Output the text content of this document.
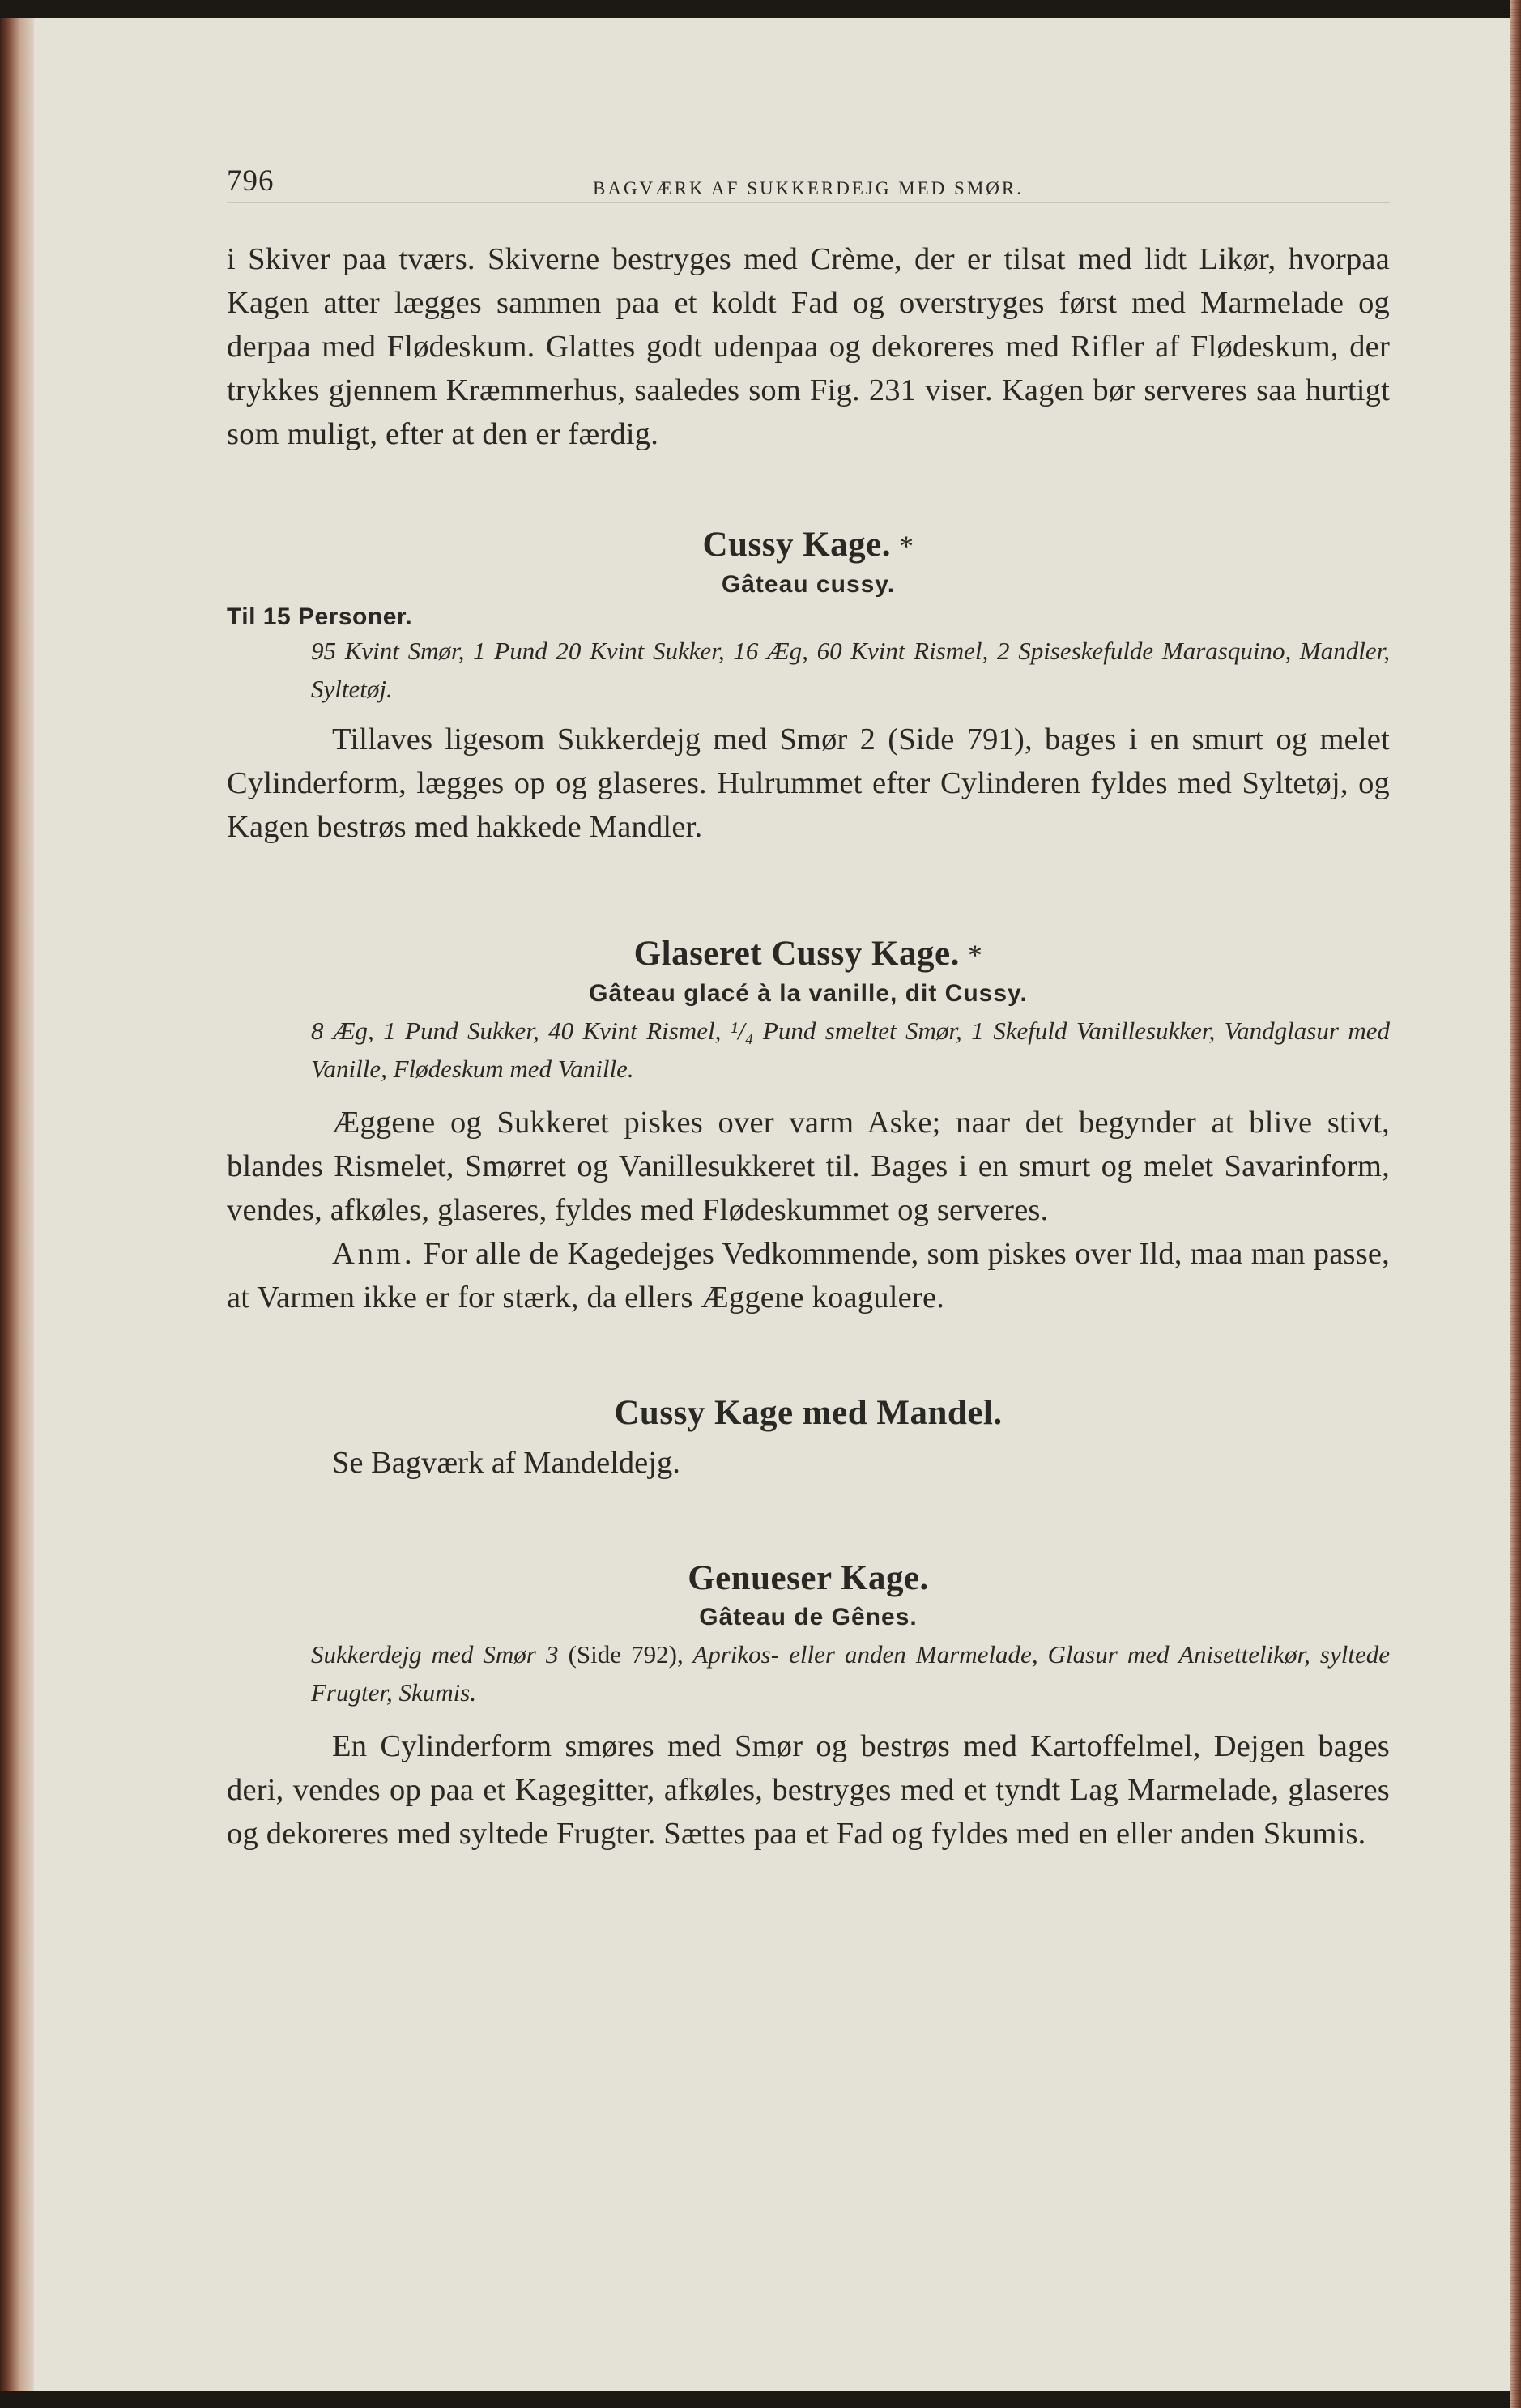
796	BAGVÆRK AF SUKKERDEJG MED SMØR.

i Skiver paa tværs. Skiverne bestryges med Crème, der er tilsat med lidt Likør, hvorpaa Kagen atter lægges sammen paa et koldt Fad og overstryges først med Marmelade og derpaa med Flødeskum. Glattes godt udenpaa og dekoreres med Rifler af Flødeskum, der trykkes gjennem Kræmmerhus, saaledes som Fig. 231 viser. Kagen bør serveres saa hurtigt som muligt, efter at den er færdig.

Cussy Kage. *
Gâteau cussy.
Til 15 Personer.

95 Kvint Smør, 1 Pund 20 Kvint Sukker, 16 Æg, 60 Kvint Rismel, 2 Spiseskefulde Marasquino, Mandler, Syltetøj.

Tillaves ligesom Sukkerdejg med Smør 2 (Side 791), bages i en smurt og melet Cylinderform, lægges op og glaseres. Hulrummet efter Cylinderen fyldes med Syltetøj, og Kagen bestrøs med hakkede Mandler.

Glaseret Cussy Kage. *
Gâteau glacé à la vanille, dit Cussy.

8 Æg, 1 Pund Sukker, 40 Kvint Rismel, ¹/₄ Pund smeltet Smør, 1 Skefuld Vanillesukker, Vandglasur med Vanille, Flødeskum med Vanille.

Æggene og Sukkeret piskes over varm Aske; naar det begynder at blive stivt, blandes Rismelet, Smørret og Vanillesukkeret til. Bages i en smurt og melet Savarinform, vendes, afkøles, glaseres, fyldes med Flødeskummet og serveres.

Anm. For alle de Kagedejges Vedkommende, som piskes over Ild, maa man passe, at Varmen ikke er for stærk, da ellers Æggene koagulere.

Cussy Kage med Mandel.

Se Bagværk af Mandeldejg.

Genueser Kage.
Gâteau de Gênes.

Sukkerdejg med Smør 3 (Side 792), Aprikos- eller anden Marmelade, Glasur med Anisettelikør, syltede Frugter, Skumis.

En Cylinderform smøres med Smør og bestrøs med Kartoffelmel, Dejgen bages deri, vendes op paa et Kagegitter, afkøles, bestryges med et tyndt Lag Marmelade, glaseres og dekoreres med syltede Frugter. Sættes paa et Fad og fyldes med en eller anden Skumis.
